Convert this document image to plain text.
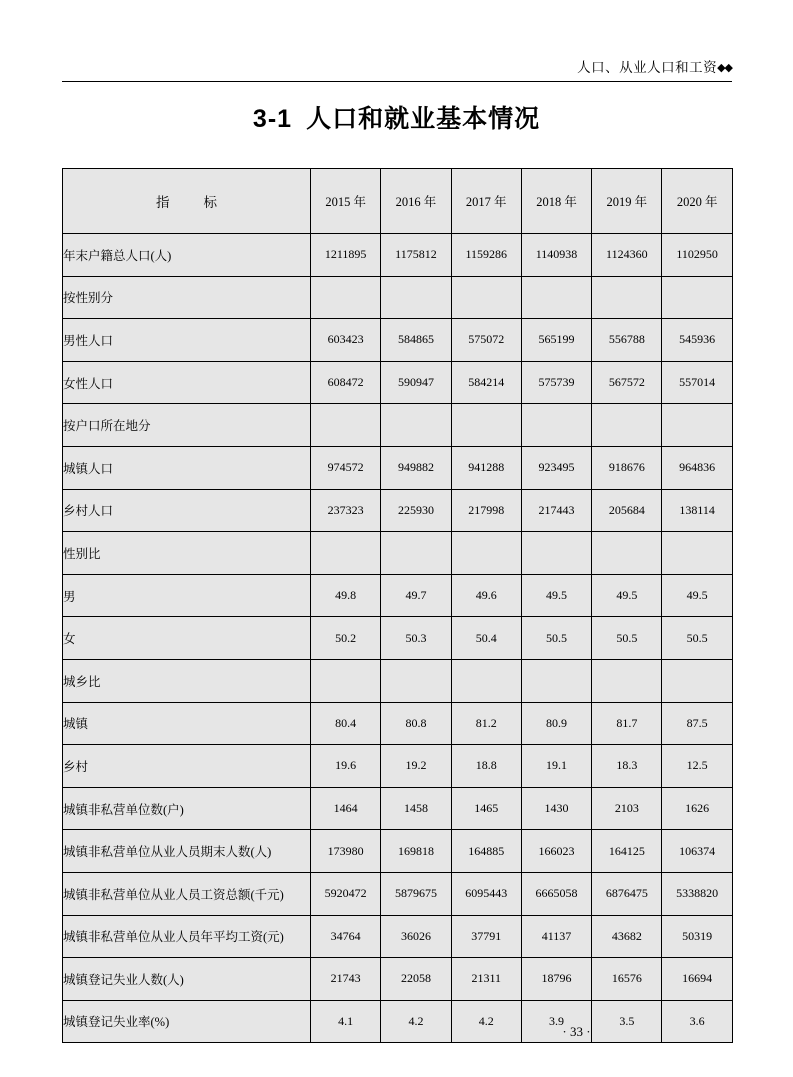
人口、从业人口和工资◆◆
3-1 人口和就业基本情况
指 标	2015 年	2016 年	2017 年	2018 年	2019 年	2020 年
年末户籍总人口(人)	1211895	1175812	1159286	1140938	1124360	1102950
按性别分						
男性人口	603423	584865	575072	565199	556788	545936
女性人口	608472	590947	584214	575739	567572	557014
按户口所在地分						
城镇人口	974572	949882	941288	923495	918676	964836
乡村人口	237323	225930	217998	217443	205684	138114
性别比						
男	49.8	49.7	49.6	49.5	49.5	49.5
女	50.2	50.3	50.4	50.5	50.5	50.5
城乡比						
城镇	80.4	80.8	81.2	80.9	81.7	87.5
乡村	19.6	19.2	18.8	19.1	18.3	12.5
城镇非私营单位数(户)	1464	1458	1465	1430	2103	1626
城镇非私营单位从业人员期末人数(人)	173980	169818	164885	166023	164125	106374
城镇非私营单位从业人员工资总额(千元)	5920472	5879675	6095443	6665058	6876475	5338820
城镇非私营单位从业人员年平均工资(元)	34764	36026	37791	41137	43682	50319
城镇登记失业人数(人)	21743	22058	21311	18796	16576	16694
城镇登记失业率(%)	4.1	4.2	4.2	3.9	3.5	3.6
· 33 ·
